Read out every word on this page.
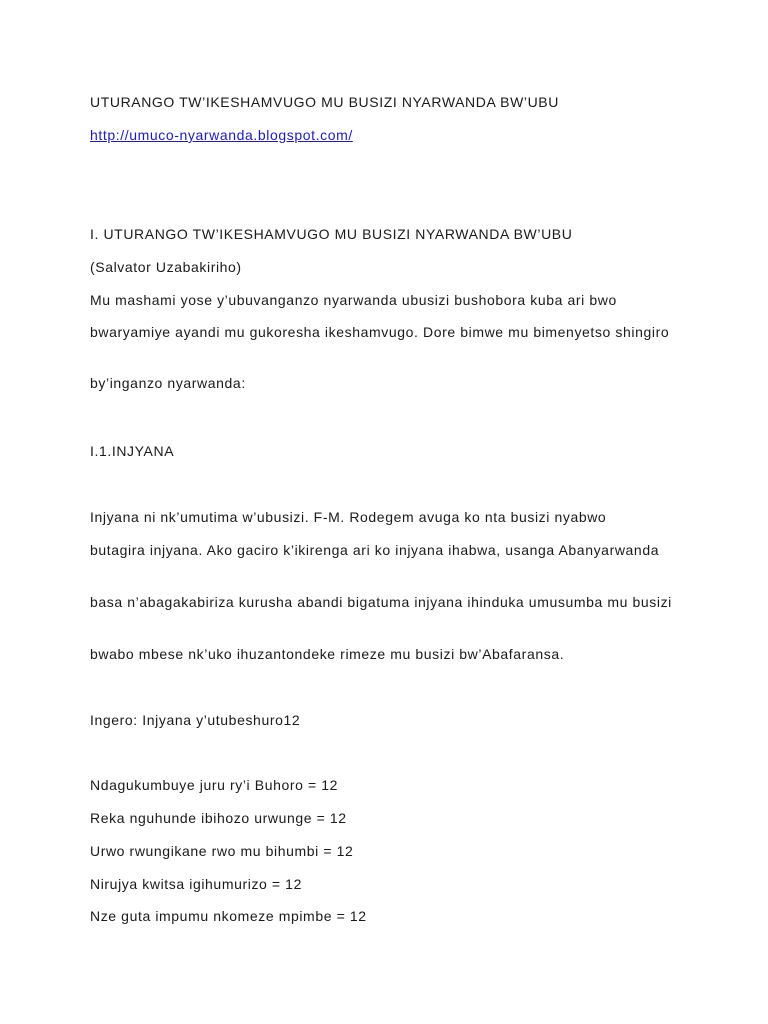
UTURANGO TW’IKESHAMVUGO MU BUSIZI NYARWANDA BW’UBU

http://umuco-nyarwanda.blogspot.com/

I. UTURANGO TW’IKESHAMVUGO MU BUSIZI NYARWANDA BW’UBU

(Salvator Uzabakiriho)

Mu mashami yose y’ubuvanganzo nyarwanda ubusizi bushobora kuba ari bwo

bwaryamiye ayandi mu gukoresha ikeshamvugo. Dore bimwe mu bimenyetso shingiro

by’inganzo nyarwanda:

I.1.INJYANA

Injyana ni nk’umutima w’ubusizi. F-M. Rodegem avuga ko nta busizi nyabwo

butagira injyana. Ako gaciro k’ikirenga ari ko injyana ihabwa, usanga Abanyarwanda

basa n’abagakabiriza kurusha abandi bigatuma injyana ihinduka umusumba mu busizi

bwabo mbese nk’uko ihuzantondeke rimeze mu busizi bw’Abafaransa.

Ingero: Injyana y’utubeshuro12

Ndagukumbuye juru ry’i Buhoro = 12

Reka nguhunde ibihozo urwunge = 12

Urwo rwungikane rwo mu bihumbi = 12

Nirujya kwitsa igihumurizo = 12

Nze guta impumu nkomeze mpimbe = 12
